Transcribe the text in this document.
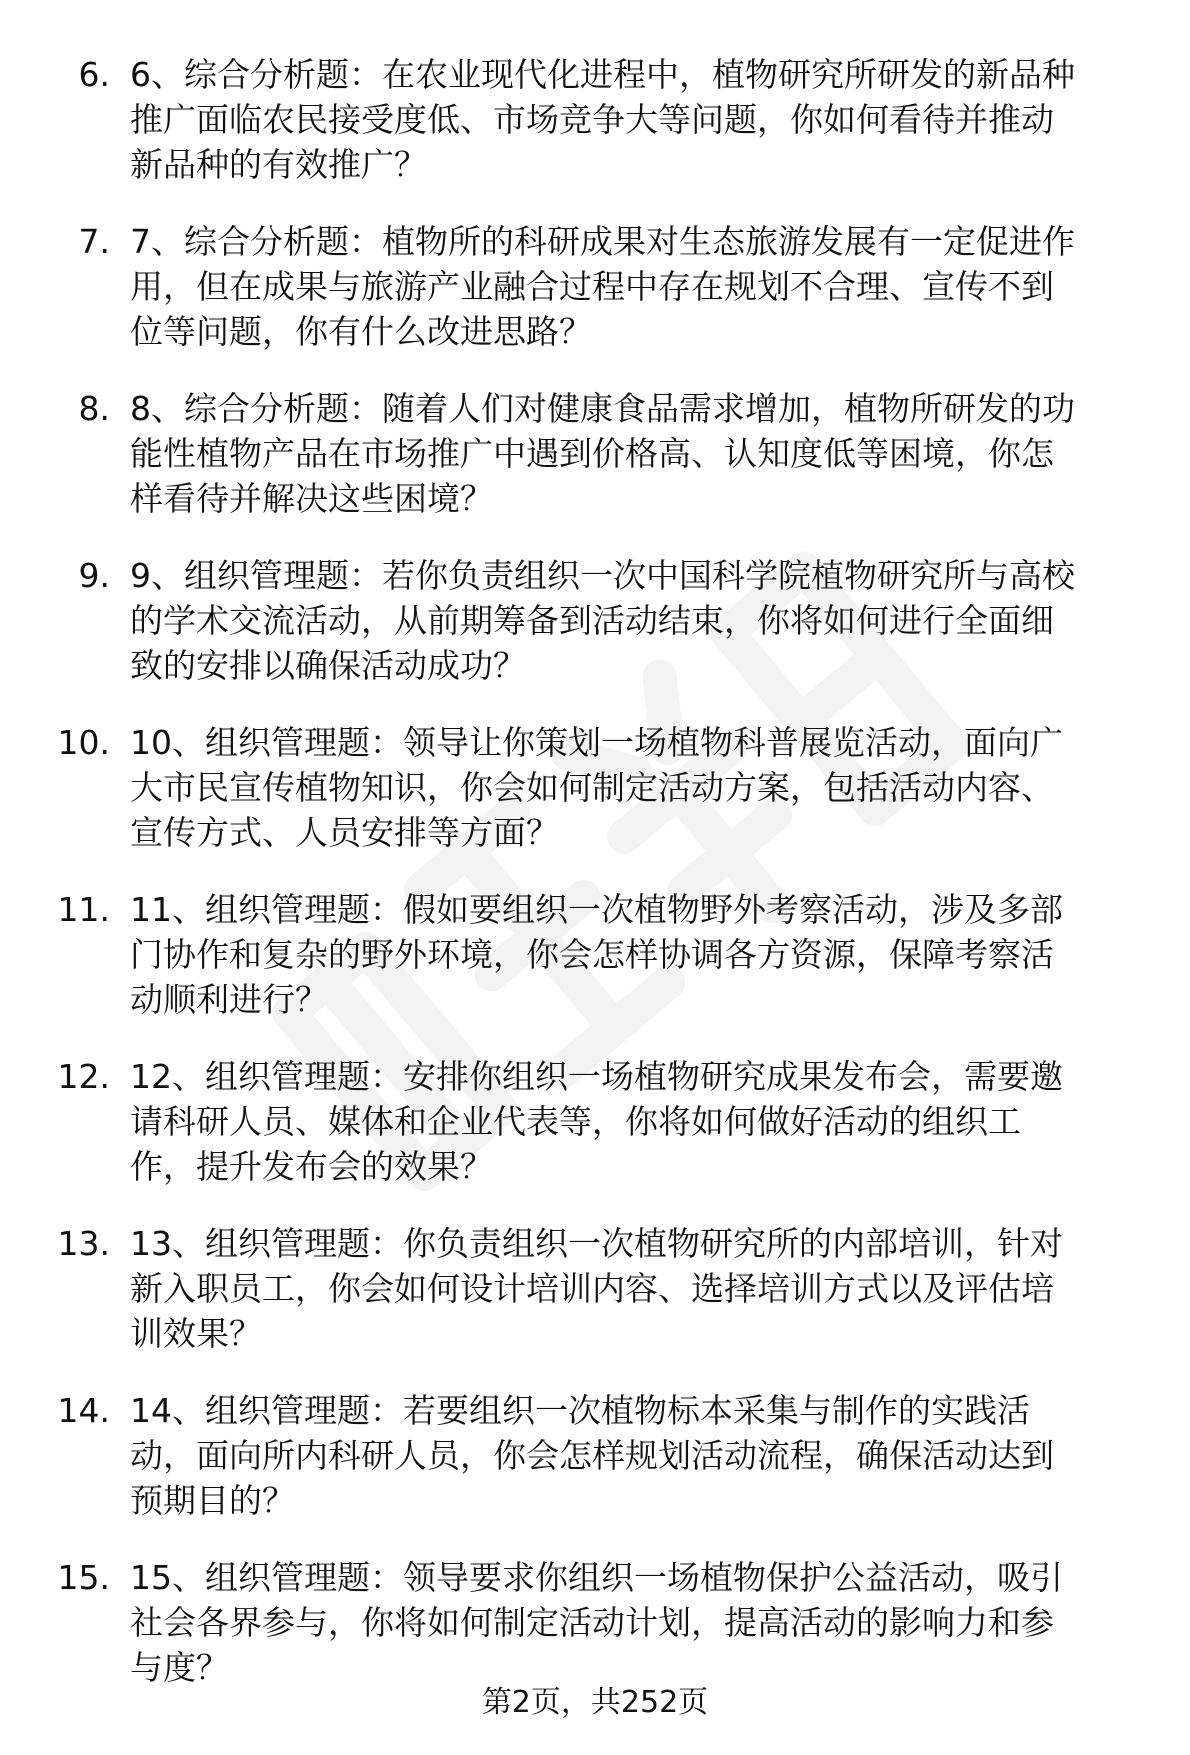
6. 6、综合分析题：在农业现代化进程中，植物研究所研发的新品种
推广面临农民接受度低、市场竞争大等问题，你如何看待并推动
新品种的有效推广？

7. 7、综合分析题：植物所的科研成果对生态旅游发展有一定促进作
用，但在成果与旅游产业融合过程中存在规划不合理、宣传不到
位等问题，你有什么改进思路？

8. 8、综合分析题：随着人们对健康食品需求增加，植物所研发的功
能性植物产品在市场推广中遇到价格高、认知度低等困境，你怎
样看待并解决这些困境？

9. 9、组织管理题：若你负责组织一次中国科学院植物研究所与高校
的学术交流活动，从前期筹备到活动结束，你将如何进行全面细
致的安排以确保活动成功？

10. 10、组织管理题：领导让你策划一场植物科普展览活动，面向广
大市民宣传植物知识，你会如何制定活动方案，包括活动内容、
宣传方式、人员安排等方面？

11. 11、组织管理题：假如要组织一次植物野外考察活动，涉及多部
门协作和复杂的野外环境，你会怎样协调各方资源，保障考察活
动顺利进行？

12. 12、组织管理题：安排你组织一场植物研究成果发布会，需要邀
请科研人员、媒体和企业代表等，你将如何做好活动的组织工
作，提升发布会的效果？

13. 13、组织管理题：你负责组织一次植物研究所的内部培训，针对
新入职员工，你会如何设计培训内容、选择培训方式以及评估培
训效果？

14. 14、组织管理题：若要组织一次植物标本采集与制作的实践活
动，面向所内科研人员，你会怎样规划活动流程，确保活动达到
预期目的？

15. 15、组织管理题：领导要求你组织一场植物保护公益活动，吸引
社会各界参与，你将如何制定活动计划，提高活动的影响力和参
与度？

第2页，共252页
